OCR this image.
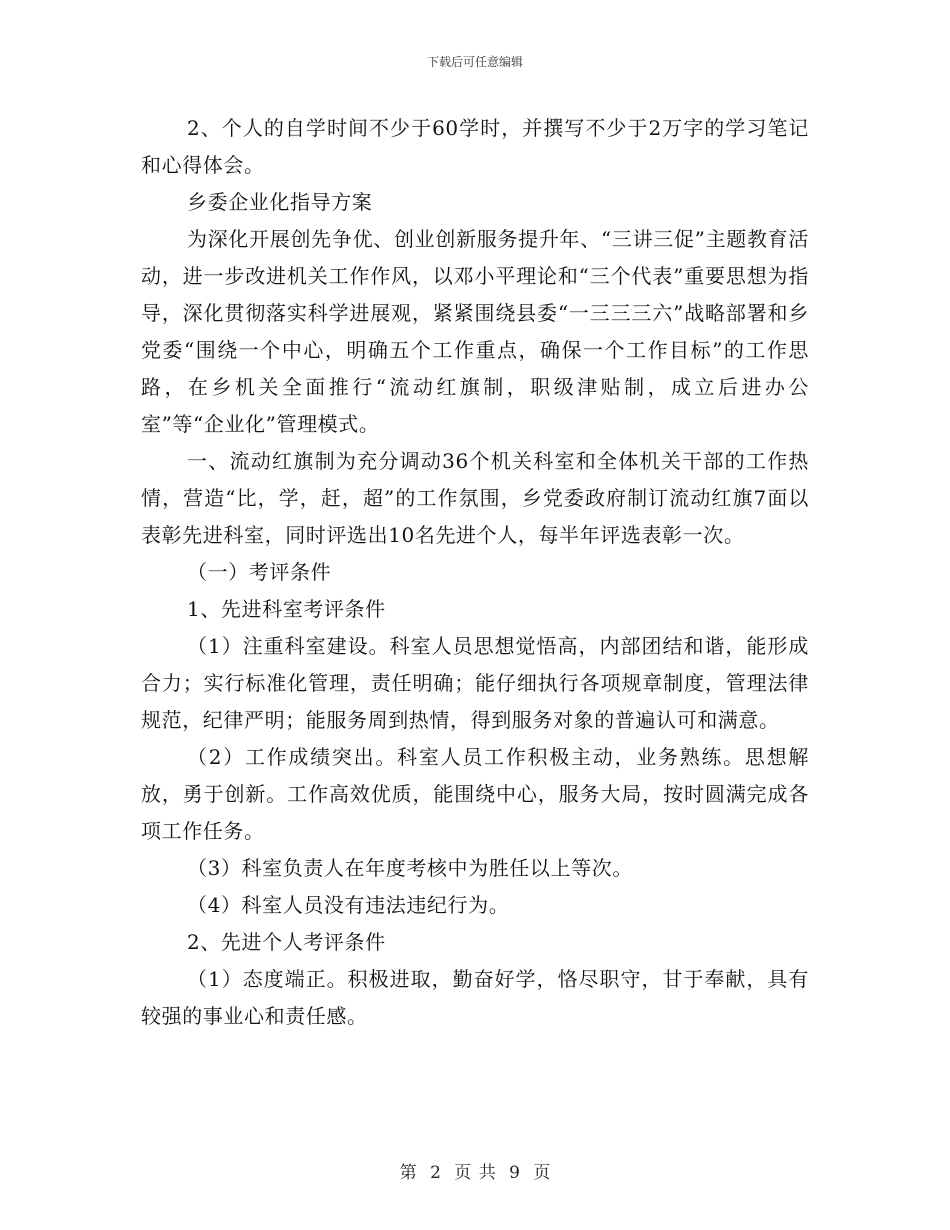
下载后可任意编辑

2、个人的自学时间不少于60学时，并撰写不少于2万字的学习笔记和心得体会。

乡委企业化指导方案

为深化开展创先争优、创业创新服务提升年、“三讲三促”主题教育活动，进一步改进机关工作作风，以邓小平理论和“三个代表”重要思想为指导，深化贯彻落实科学进展观，紧紧围绕县委“一三三三六”战略部署和乡党委“围绕一个中心，明确五个工作重点，确保一个工作目标”的工作思路，在乡机关全面推行“流动红旗制，职级津贴制，成立后进办公室”等“企业化”管理模式。

一、流动红旗制为充分调动36个机关科室和全体机关干部的工作热情，营造“比，学，赶，超”的工作氛围，乡党委政府制订流动红旗7面以表彰先进科室，同时评选出10名先进个人，每半年评选表彰一次。

（一）考评条件

1、先进科室考评条件

（1）注重科室建设。科室人员思想觉悟高，内部团结和谐，能形成合力；实行标准化管理，责任明确；能仔细执行各项规章制度，管理法律规范，纪律严明；能服务周到热情，得到服务对象的普遍认可和满意。

（2）工作成绩突出。科室人员工作积极主动，业务熟练。思想解放，勇于创新。工作高效优质，能围绕中心，服务大局，按时圆满完成各项工作任务。

（3）科室负责人在年度考核中为胜任以上等次。

（4）科室人员没有违法违纪行为。

2、先进个人考评条件

（1）态度端正。积极进取，勤奋好学，恪尽职守，甘于奉献，具有较强的事业心和责任感。

第 2 页 共 9 页
